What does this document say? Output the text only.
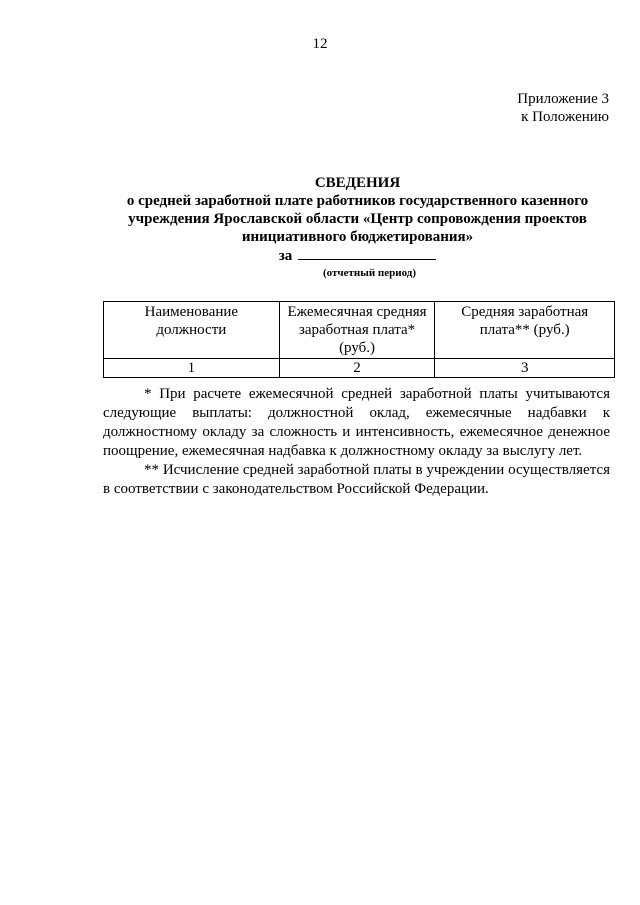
12
Приложение 3
к Положению
СВЕДЕНИЯ
о средней заработной плате работников государственного казенного
учреждения Ярославской области «Центр сопровождения проектов
инициативного бюджетирования»
за
(отчетный период)
Наименование должности	Ежемесячная средняя заработная плата* (руб.)	Средняя заработная плата** (руб.)
1	2	3

* При расчете ежемесячной средней заработной платы учитываются следующие выплаты: должностной оклад, ежемесячные надбавки к должностному окладу за сложность и интенсивность, ежемесячное денежное поощрение, ежемесячная надбавка к должностному окладу за выслугу лет.

** Исчисление средней заработной платы в учреждении осуществляется в соответствии с законодательством Российской Федерации.
